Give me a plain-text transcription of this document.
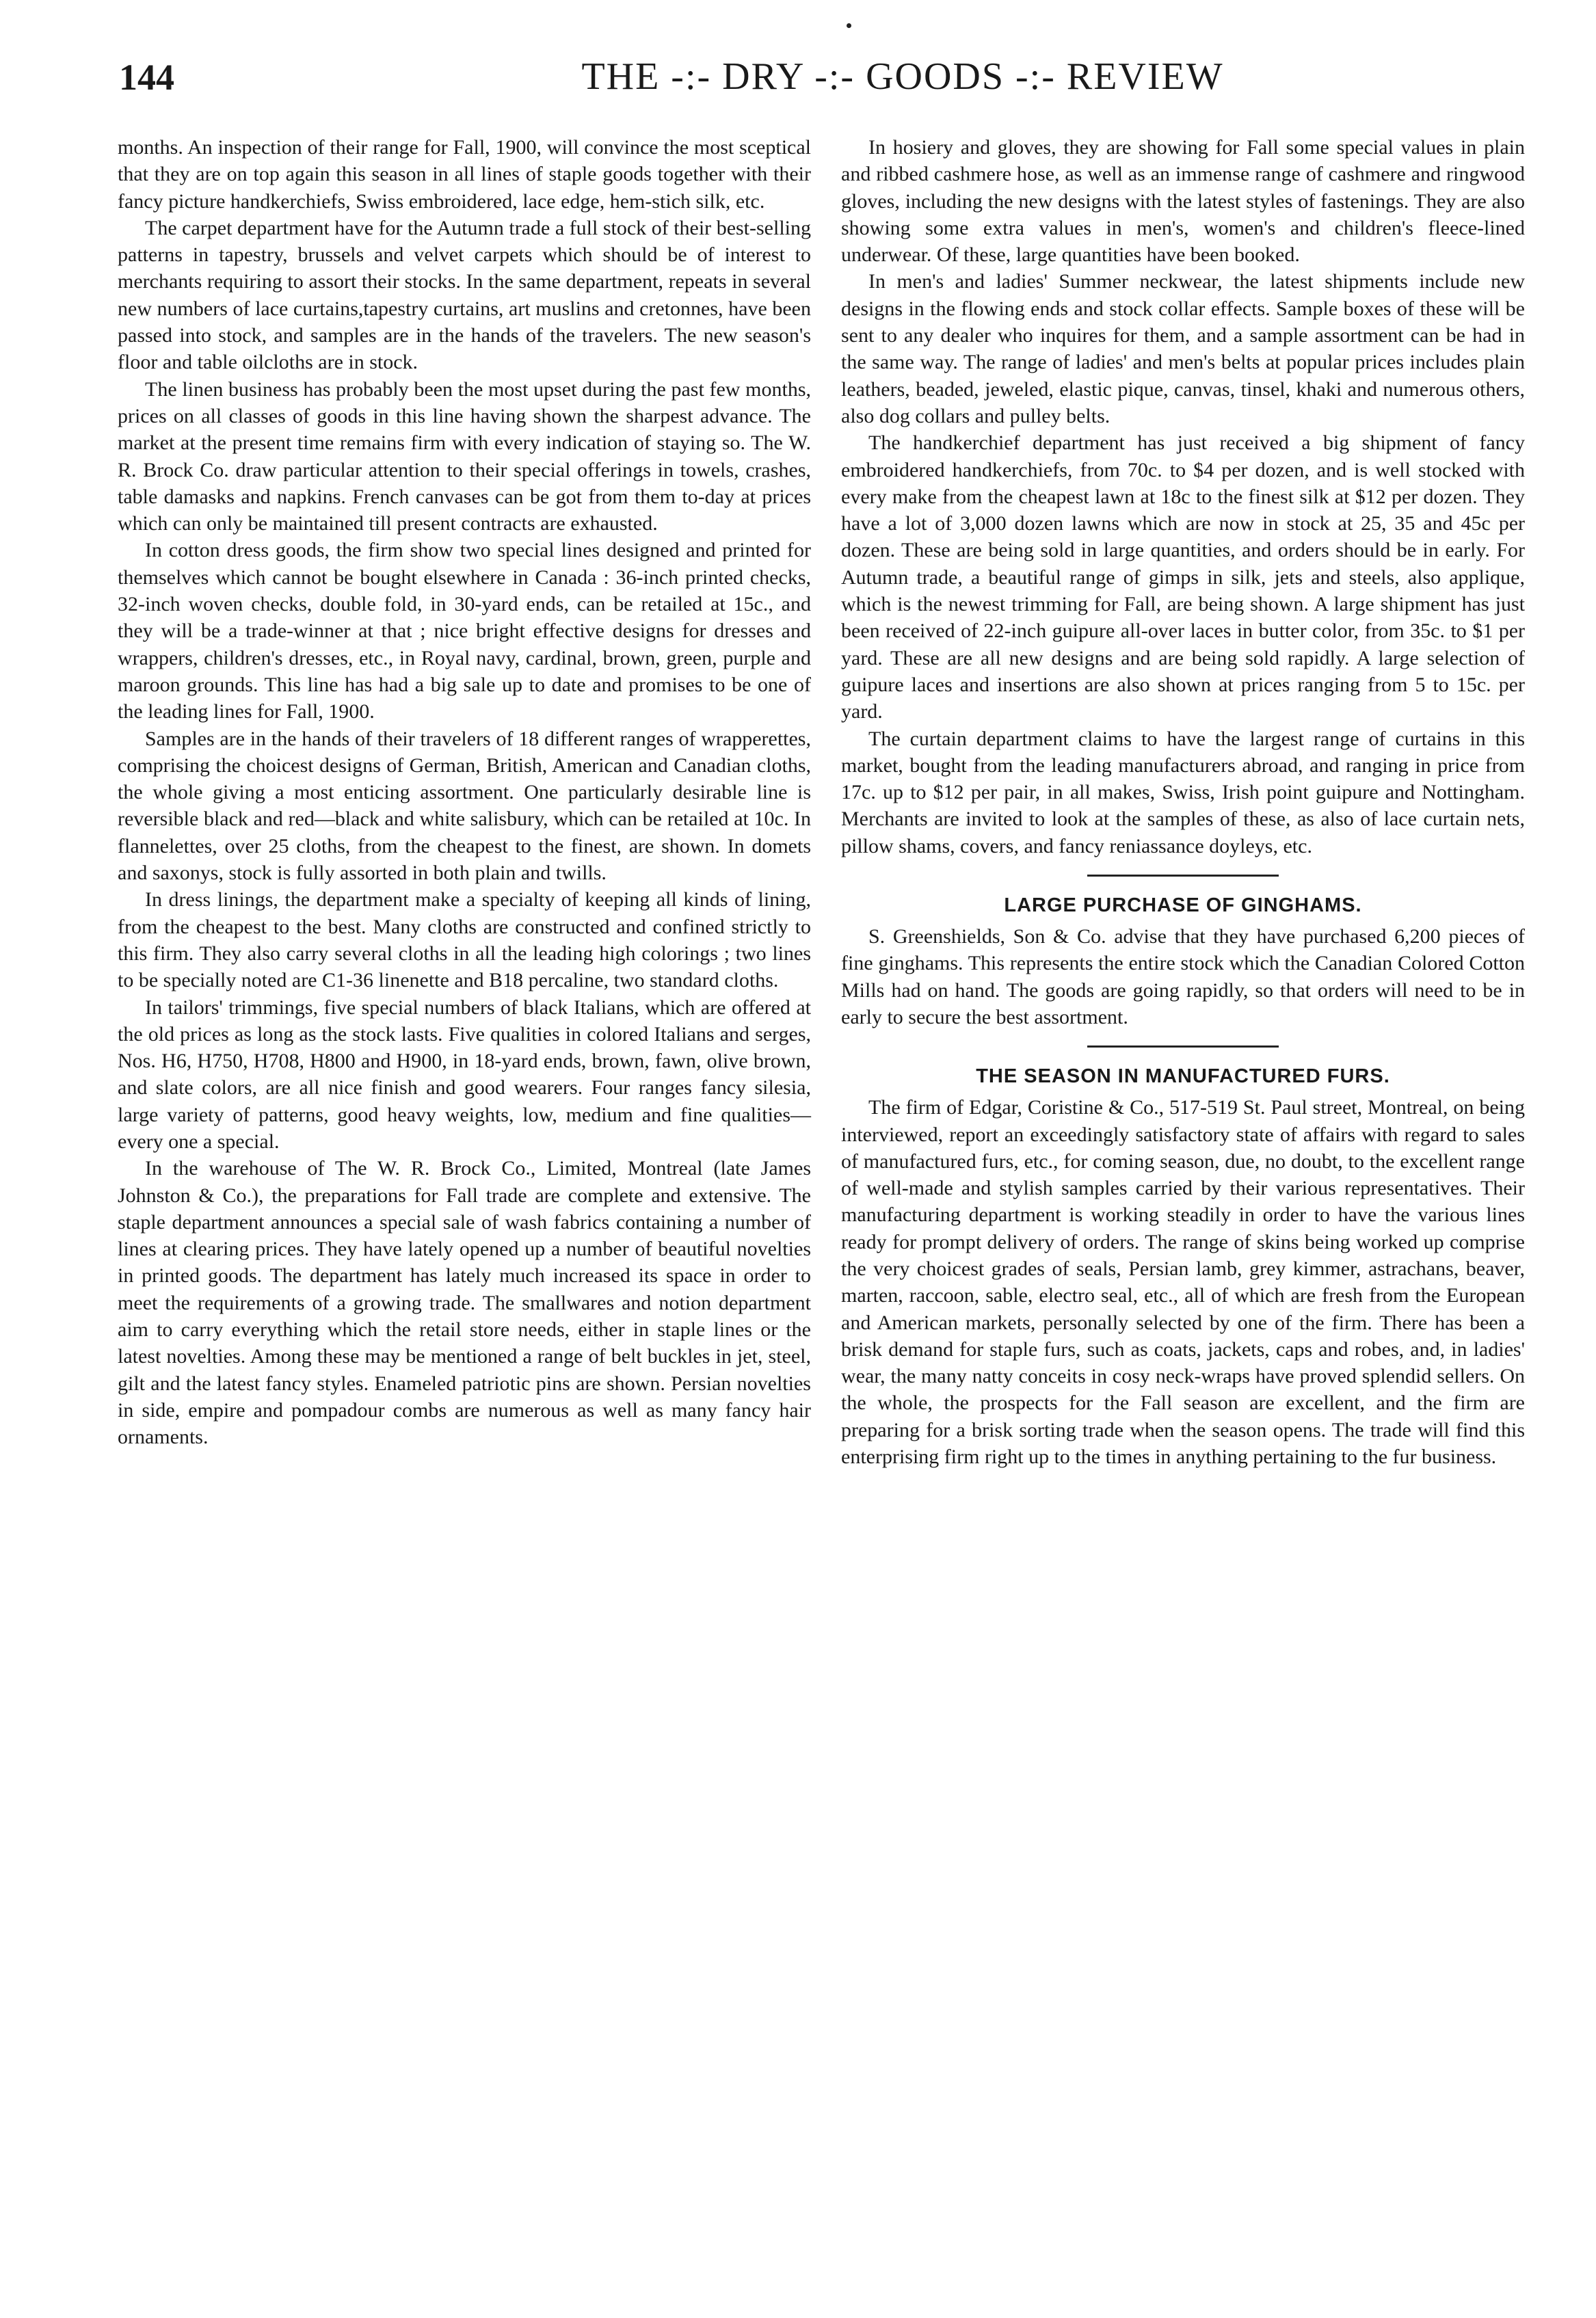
144	THE -:- DRY -:- GOODS -:- REVIEW

months. An inspection of their range for Fall, 1900, will convince the most sceptical that they are on top again this season in all lines of staple goods together with their fancy picture handkerchiefs, Swiss embroidered, lace edge, hem-stich silk, etc.

The carpet department have for the Autumn trade a full stock of their best-selling patterns in tapestry, brussels and velvet carpets which should be of interest to merchants requiring to assort their stocks. In the same department, repeats in several new numbers of lace curtains,tapestry curtains, art muslins and cretonnes, have been passed into stock, and samples are in the hands of the travelers. The new season's floor and table oilcloths are in stock.

The linen business has probably been the most upset during the past few months, prices on all classes of goods in this line having shown the sharpest advance. The market at the present time remains firm with every indication of staying so. The W. R. Brock Co. draw particular attention to their special offerings in towels, crashes, table damasks and napkins. French canvases can be got from them to-day at prices which can only be maintained till present contracts are exhausted.

In cotton dress goods, the firm show two special lines designed and printed for themselves which cannot be bought elsewhere in Canada : 36-inch printed checks, 32-inch woven checks, double fold, in 30-yard ends, can be retailed at 15c., and they will be a trade-winner at that ; nice bright effective designs for dresses and wrappers, children's dresses, etc., in Royal navy, cardinal, brown, green, purple and maroon grounds. This line has had a big sale up to date and promises to be one of the leading lines for Fall, 1900.

Samples are in the hands of their travelers of 18 different ranges of wrapperettes, comprising the choicest designs of German, British, American and Canadian cloths, the whole giving a most enticing assortment. One particularly desirable line is reversible black and red—black and white salisbury, which can be retailed at 10c. In flannelettes, over 25 cloths, from the cheapest to the finest, are shown. In domets and saxonys, stock is fully assorted in both plain and twills.

In dress linings, the department make a specialty of keeping all kinds of lining, from the cheapest to the best. Many cloths are constructed and confined strictly to this firm. They also carry several cloths in all the leading high colorings ; two lines to be specially noted are C1-36 linenette and B18 percaline, two standard cloths.

In tailors' trimmings, five special numbers of black Italians, which are offered at the old prices as long as the stock lasts. Five qualities in colored Italians and serges, Nos. H6, H750, H708, H800 and H900, in 18-yard ends, brown, fawn, olive brown, and slate colors, are all nice finish and good wearers. Four ranges fancy silesia, large variety of patterns, good heavy weights, low, medium and fine qualities—every one a special.

In the warehouse of The W. R. Brock Co., Limited, Montreal (late James Johnston & Co.), the preparations for Fall trade are complete and extensive. The staple department announces a special sale of wash fabrics containing a number of lines at clearing prices. They have lately opened up a number of beautiful novelties in printed goods. The department has lately much increased its space in order to meet the requirements of a growing trade. The smallwares and notion department aim to carry everything which the retail store needs, either in staple lines or the latest novelties. Among these may be mentioned a range of belt buckles in jet, steel, gilt and the latest fancy styles. Enameled patriotic pins are shown. Persian novelties in side, empire and pompadour combs are numerous as well as many fancy hair ornaments.

In hosiery and gloves, they are showing for Fall some special values in plain and ribbed cashmere hose, as well as an immense range of cashmere and ringwood gloves, including the new designs with the latest styles of fastenings. They are also showing some extra values in men's, women's and children's fleece-lined underwear. Of these, large quantities have been booked.

In men's and ladies' Summer neckwear, the latest shipments include new designs in the flowing ends and stock collar effects. Sample boxes of these will be sent to any dealer who inquires for them, and a sample assortment can be had in the same way. The range of ladies' and men's belts at popular prices includes plain leathers, beaded, jeweled, elastic pique, canvas, tinsel, khaki and numerous others, also dog collars and pulley belts.

The handkerchief department has just received a big shipment of fancy embroidered handkerchiefs, from 70c. to $4 per dozen, and is well stocked with every make from the cheapest lawn at 18c to the finest silk at $12 per dozen. They have a lot of 3,000 dozen lawns which are now in stock at 25, 35 and 45c per dozen. These are being sold in large quantities, and orders should be in early. For Autumn trade, a beautiful range of gimps in silk, jets and steels, also applique, which is the newest trimming for Fall, are being shown. A large shipment has just been received of 22-inch guipure all-over laces in butter color, from 35c. to $1 per yard. These are all new designs and are being sold rapidly. A large selection of guipure laces and insertions are also shown at prices ranging from 5 to 15c. per yard.

The curtain department claims to have the largest range of curtains in this market, bought from the leading manufacturers abroad, and ranging in price from 17c. up to $12 per pair, in all makes, Swiss, Irish point guipure and Nottingham. Merchants are invited to look at the samples of these, as also of lace curtain nets, pillow shams, covers, and fancy reniassance doyleys, etc.

LARGE PURCHASE OF GINGHAMS.

S. Greenshields, Son & Co. advise that they have purchased 6,200 pieces of fine ginghams. This represents the entire stock which the Canadian Colored Cotton Mills had on hand. The goods are going rapidly, so that orders will need to be in early to secure the best assortment.

THE SEASON IN MANUFACTURED FURS.

The firm of Edgar, Coristine & Co., 517-519 St. Paul street, Montreal, on being interviewed, report an exceedingly satisfactory state of affairs with regard to sales of manufactured furs, etc., for coming season, due, no doubt, to the excellent range of well-made and stylish samples carried by their various representatives. Their manufacturing department is working steadily in order to have the various lines ready for prompt delivery of orders. The range of skins being worked up comprise the very choicest grades of seals, Persian lamb, grey kimmer, astrachans, beaver, marten, raccoon, sable, electro seal, etc., all of which are fresh from the European and American markets, personally selected by one of the firm. There has been a brisk demand for staple furs, such as coats, jackets, caps and robes, and, in ladies' wear, the many natty conceits in cosy neck-wraps have proved splendid sellers. On the whole, the prospects for the Fall season are excellent, and the firm are preparing for a brisk sorting trade when the season opens. The trade will find this enterprising firm right up to the times in anything pertaining to the fur business.
